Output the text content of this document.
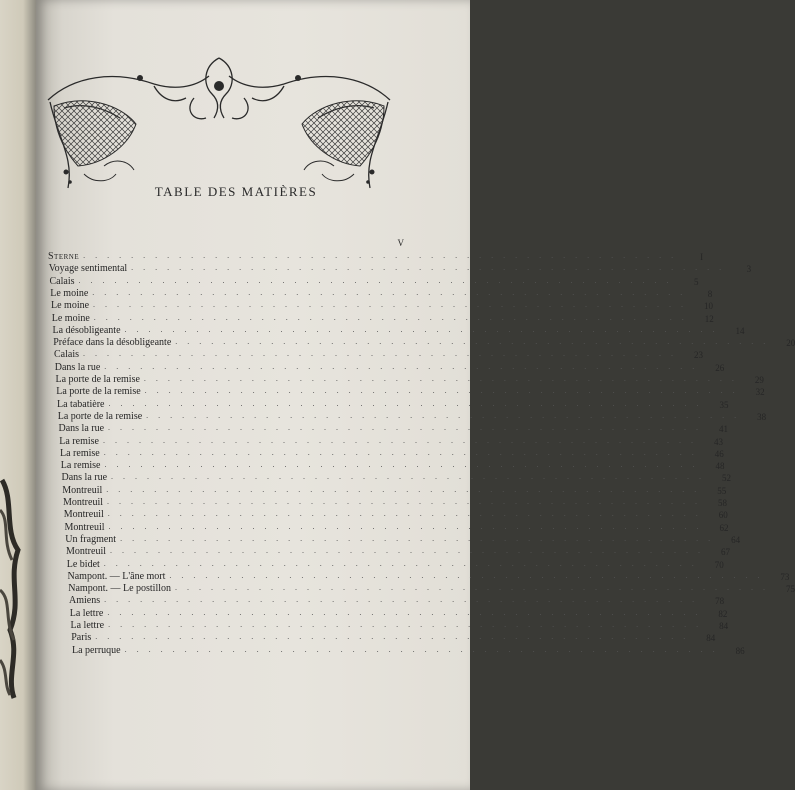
TABLE DES MATIÈRES
V
Sterne . . . . . . . . . . . . . . . . . . . . . . . . . . . . . . . . . . . . . . . . . . . . . . . . . .	I
Voyage sentimental . . . . . . . . . . . . . . . . . . . . . . . . . . . . . . . . . . . . . . . . . . . . . . . . . .	3
Calais . . . . . . . . . . . . . . . . . . . . . . . . . . . . . . . . . . . . . . . . . . . . . . . . . .	5
Le moine . . . . . . . . . . . . . . . . . . . . . . . . . . . . . . . . . . . . . . . . . . . . . . . . . .	8
Le moine . . . . . . . . . . . . . . . . . . . . . . . . . . . . . . . . . . . . . . . . . . . . . . . . . .	10
Le moine . . . . . . . . . . . . . . . . . . . . . . . . . . . . . . . . . . . . . . . . . . . . . . . . . .	12
La désobligeante . . . . . . . . . . . . . . . . . . . . . . . . . . . . . . . . . . . . . . . . . . . . . . . . . .	14
Préface dans la désobligeante . . . . . . . . . . . . . . . . . . . . . . . . . . . . . . . . . . . . . . . . . . . . . . . . . .	20
Calais . . . . . . . . . . . . . . . . . . . . . . . . . . . . . . . . . . . . . . . . . . . . . . . . . .	23
Dans la rue . . . . . . . . . . . . . . . . . . . . . . . . . . . . . . . . . . . . . . . . . . . . . . . . . .	26
La porte de la remise . . . . . . . . . . . . . . . . . . . . . . . . . . . . . . . . . . . . . . . . . . . . . . . . . .	29
La porte de la remise . . . . . . . . . . . . . . . . . . . . . . . . . . . . . . . . . . . . . . . . . . . . . . . . . .	32
La tabatière . . . . . . . . . . . . . . . . . . . . . . . . . . . . . . . . . . . . . . . . . . . . . . . . . .	35
La porte de la remise . . . . . . . . . . . . . . . . . . . . . . . . . . . . . . . . . . . . . . . . . . . . . . . . . .	38
Dans la rue . . . . . . . . . . . . . . . . . . . . . . . . . . . . . . . . . . . . . . . . . . . . . . . . . .	41
La remise . . . . . . . . . . . . . . . . . . . . . . . . . . . . . . . . . . . . . . . . . . . . . . . . . .	43
La remise . . . . . . . . . . . . . . . . . . . . . . . . . . . . . . . . . . . . . . . . . . . . . . . . . .	46
La remise . . . . . . . . . . . . . . . . . . . . . . . . . . . . . . . . . . . . . . . . . . . . . . . . . .	48
Dans la rue . . . . . . . . . . . . . . . . . . . . . . . . . . . . . . . . . . . . . . . . . . . . . . . . . .	52
Montreuil . . . . . . . . . . . . . . . . . . . . . . . . . . . . . . . . . . . . . . . . . . . . . . . . . .	55
Montreuil . . . . . . . . . . . . . . . . . . . . . . . . . . . . . . . . . . . . . . . . . . . . . . . . . .	58
Montreuil . . . . . . . . . . . . . . . . . . . . . . . . . . . . . . . . . . . . . . . . . . . . . . . . . .	60
Montreuil . . . . . . . . . . . . . . . . . . . . . . . . . . . . . . . . . . . . . . . . . . . . . . . . . .	62
Un fragment . . . . . . . . . . . . . . . . . . . . . . . . . . . . . . . . . . . . . . . . . . . . . . . . . .	64
Montreuil . . . . . . . . . . . . . . . . . . . . . . . . . . . . . . . . . . . . . . . . . . . . . . . . . .	67
Le bidet . . . . . . . . . . . . . . . . . . . . . . . . . . . . . . . . . . . . . . . . . . . . . . . . . .	70
Nampont. — L'âne mort . . . . . . . . . . . . . . . . . . . . . . . . . . . . . . . . . . . . . . . . . . . . . . . . . .	73
Nampont. — Le postillon . . . . . . . . . . . . . . . . . . . . . . . . . . . . . . . . . . . . . . . . . . . . . . . . . .	75
Amiens . . . . . . . . . . . . . . . . . . . . . . . . . . . . . . . . . . . . . . . . . . . . . . . . . .	78
La lettre . . . . . . . . . . . . . . . . . . . . . . . . . . . . . . . . . . . . . . . . . . . . . . . . . .	82
La lettre . . . . . . . . . . . . . . . . . . . . . . . . . . . . . . . . . . . . . . . . . . . . . . . . . .	84
Paris . . . . . . . . . . . . . . . . . . . . . . . . . . . . . . . . . . . . . . . . . . . . . . . . . .	84
La perruque . . . . . . . . . . . . . . . . . . . . . . . . . . . . . . . . . . . . . . . . . . . . . . . . . .	86
